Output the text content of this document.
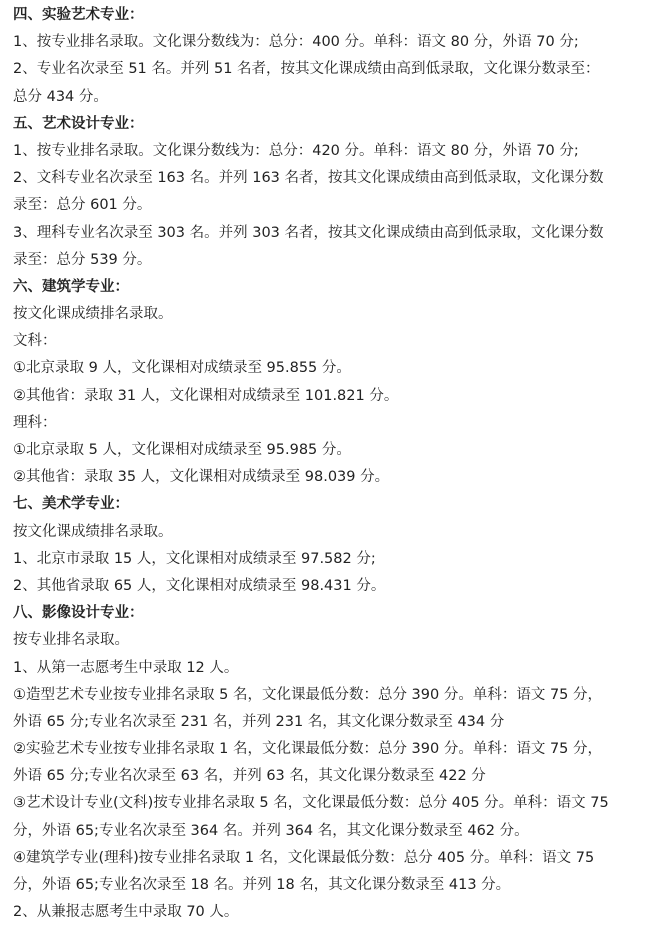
四、实验艺术专业：
1、按专业排名录取。文化课分数线为：总分：400 分。单科：语文 80 分，外语 70 分;
2、专业名次录至 51 名。并列 51 名者，按其文化课成绩由高到低录取，文化课分数录至：
总分 434 分。
五、艺术设计专业：
1、按专业排名录取。文化课分数线为：总分：420 分。单科：语文 80 分，外语 70 分;
2、文科专业名次录至 163 名。并列 163 名者，按其文化课成绩由高到低录取，文化课分数
录至：总分 601 分。
3、理科专业名次录至 303 名。并列 303 名者，按其文化课成绩由高到低录取，文化课分数
录至：总分 539 分。
六、建筑学专业：
按文化课成绩排名录取。
文科：
①北京录取 9 人，文化课相对成绩录至 95.855 分。
②其他省：录取 31 人，文化课相对成绩录至 101.821 分。
理科：
①北京录取 5 人，文化课相对成绩录至 95.985 分。
②其他省：录取 35 人，文化课相对成绩录至 98.039 分。
七、美术学专业：
按文化课成绩排名录取。
1、北京市录取 15 人，文化课相对成绩录至 97.582 分;
2、其他省录取 65 人，文化课相对成绩录至 98.431 分。
八、影像设计专业：
按专业排名录取。
1、从第一志愿考生中录取 12 人。
①造型艺术专业按专业排名录取 5 名，文化课最低分数：总分 390 分。单科：语文 75 分，
外语 65 分;专业名次录至 231 名，并列 231 名，其文化课分数录至 434 分
②实验艺术专业按专业排名录取 1 名，文化课最低分数：总分 390 分。单科：语文 75 分，
外语 65 分;专业名次录至 63 名，并列 63 名，其文化课分数录至 422 分
③艺术设计专业(文科)按专业排名录取 5 名，文化课最低分数：总分 405 分。单科：语文 75
分，外语 65;专业名次录至 364 名。并列 364 名，其文化课分数录至 462 分。
④建筑学专业(理科)按专业排名录取 1 名，文化课最低分数：总分 405 分。单科：语文 75
分，外语 65;专业名次录至 18 名。并列 18 名，其文化课分数录至 413 分。
2、从兼报志愿考生中录取 70 人。
